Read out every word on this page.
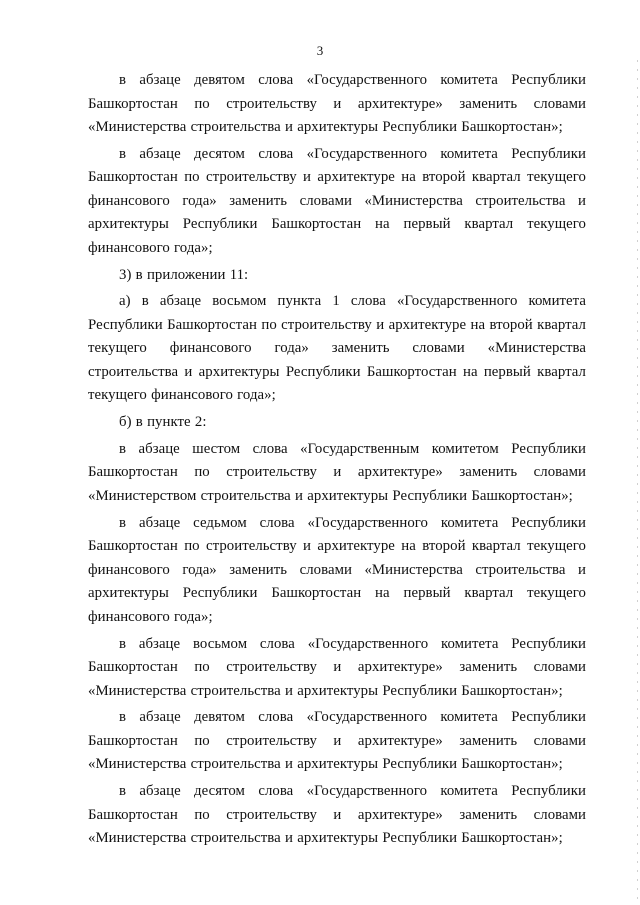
3

в абзаце девятом слова «Государственного комитета Республики Башкортостан по строительству и архитектуре» заменить словами «Министерства строительства и архитектуры Республики Башкортостан»;

в абзаце десятом слова «Государственного комитета Республики Башкортостан по строительству и архитектуре на второй квартал текущего финансового года» заменить словами «Министерства строительства и архитектуры Республики Башкортостан на первый квартал текущего финансового года»;

3) в приложении 11:

а) в абзаце восьмом пункта 1 слова «Государственного комитета Республики Башкортостан по строительству и архитектуре на второй квартал текущего финансового года» заменить словами «Министерства строительства и архитектуры Республики Башкортостан на первый квартал текущего финансового года»;

б) в пункте 2:

в абзаце шестом слова «Государственным комитетом Республики Башкортостан по строительству и архитектуре» заменить словами «Министерством строительства и архитектуры Республики Башкортостан»;

в абзаце седьмом слова «Государственного комитета Республики Башкортостан по строительству и архитектуре на второй квартал текущего финансового года» заменить словами «Министерства строительства и архитектуры Республики Башкортостан на первый квартал текущего финансового года»;

в абзаце восьмом слова «Государственного комитета Республики Башкортостан по строительству и архитектуре» заменить словами «Министерства строительства и архитектуры Республики Башкортостан»;

в абзаце девятом слова «Государственного комитета Республики Башкортостан по строительству и архитектуре» заменить словами «Министерства строительства и архитектуры Республики Башкортостан»;

в абзаце десятом слова «Государственного комитета Республики Башкортостан по строительству и архитектуре» заменить словами «Министерства строительства и архитектуры Республики Башкортостан»;
